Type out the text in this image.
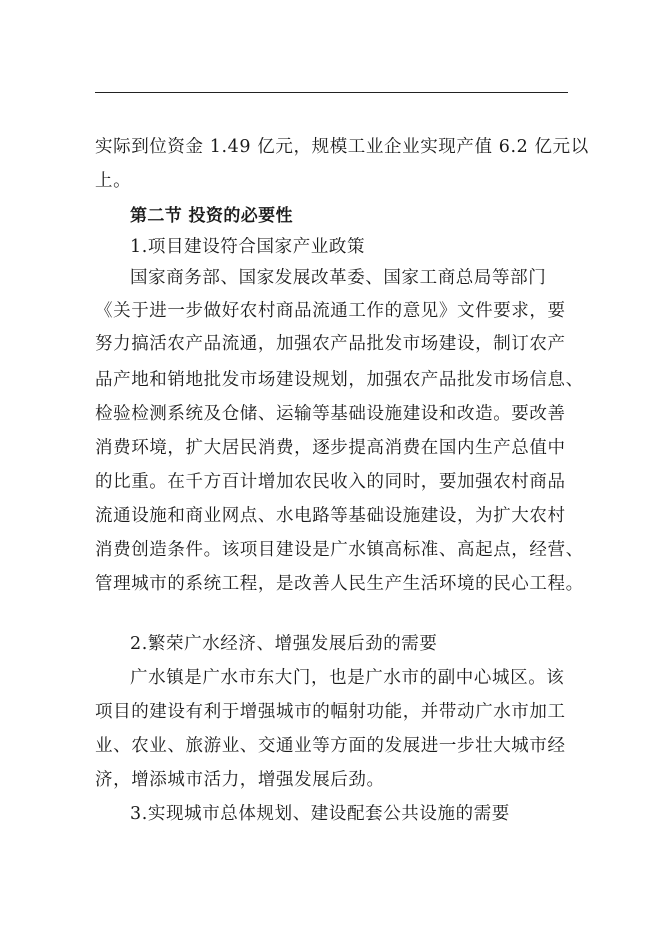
实际到位资金 1.49 亿元，规模工业企业实现产值 6.2 亿元以
上。
第二节 投资的必要性
1.项目建设符合国家产业政策
国家商务部、国家发展改革委、国家工商总局等部门
《关于进一步做好农村商品流通工作的意见》文件要求，要
努力搞活农产品流通，加强农产品批发市场建设，制订农产
品产地和销地批发市场建设规划，加强农产品批发市场信息、
检验检测系统及仓储、运输等基础设施建设和改造。要改善
消费环境，扩大居民消费，逐步提高消费在国内生产总值中
的比重。在千方百计增加农民收入的同时，要加强农村商品
流通设施和商业网点、水电路等基础设施建设，为扩大农村
消费创造条件。该项目建设是广水镇高标准、高起点，经营、
管理城市的系统工程，是改善人民生产生活环境的民心工程。
2.繁荣广水经济、增强发展后劲的需要
广水镇是广水市东大门，也是广水市的副中心城区。该
项目的建设有利于增强城市的幅射功能，并带动广水市加工
业、农业、旅游业、交通业等方面的发展进一步壮大城市经
济，增添城市活力，增强发展后劲。
3.实现城市总体规划、建设配套公共设施的需要
